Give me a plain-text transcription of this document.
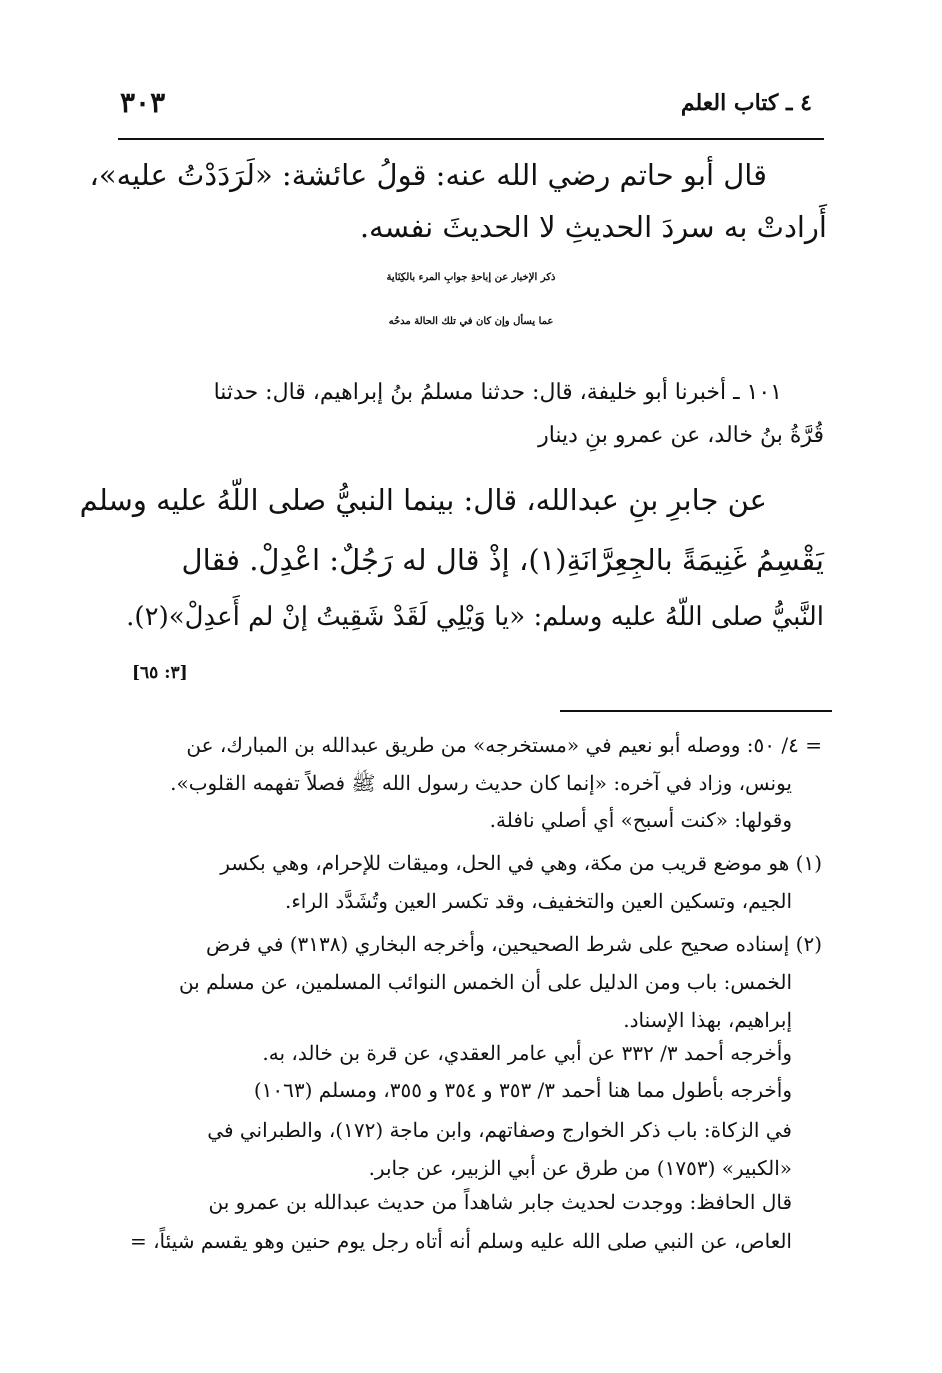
٤ ـ كتاب العلم
٣٠٣
قال أبو حاتم رضي الله عنه: قولُ عائشة: «لَرَدَدْتُ عليه»،
أَرادتْ به سردَ الحديثِ لا الحديثَ نفسه.
ذكر الإخبار عن إباحةِ جوابِ المرء بالكِنَاية
عما يسأل وإن كان في تلك الحالة مدحُه
١٠١ ـ أخبرنا أبو خليفة، قال: حدثنا مسلمُ بنُ إبراهيم، قال: حدثنا
قُرَّةُ بنُ خالد، عن عمرو بنِ دينار
عن جابرِ بنِ عبدالله، قال: بينما النبيُّ صلى اللّهُ عليه وسلم
يَقْسِمُ غَنِيمَةً بالجِعِرَّانَةِ(١)، إذْ قال له رَجُلٌ: اعْدِلْ. فقال
النَّبيُّ صلى اللّهُ عليه وسلم: «يا وَيْلِي لَقَدْ شَقِيتُ إنْ لم أَعدِلْ»(٢).
[٣: ٦٥]
= ٤/ ٥٠: ووصله أبو نعيم في «مستخرجه» من طريق عبدالله بن المبارك، عن
يونس، وزاد في آخره: «إنما كان حديث رسول الله ﷺ فصلاً تفهمه القلوب».
وقولها: «كنت أسبح» أي أصلي نافلة.
(١) هو موضع قريب من مكة، وهي في الحل، وميقات للإحرام، وهي بكسر
الجيم، وتسكين العين والتخفيف، وقد تكسر العين وتُشَدَّد الراء.
(٢) إسناده صحيح على شرط الصحيحين، وأخرجه البخاري (٣١٣٨) في فرض
الخمس: باب ومن الدليل على أن الخمس النوائب المسلمين، عن مسلم بن
إبراهيم، بهذا الإسناد.
وأخرجه أحمد ٣/ ٣٣٢ عن أبي عامر العقدي، عن قرة بن خالد، به.
وأخرجه بأطول مما هنا أحمد ٣/ ٣٥٣ و ٣٥٤ و ٣٥٥، ومسلم (١٠٦٣)
في الزكاة: باب ذكر الخوارج وصفاتهم، وابن ماجة (١٧٢)، والطبراني في
«الكبير» (١٧٥٣) من طرق عن أبي الزبير، عن جابر.
قال الحافظ: ووجدت لحديث جابر شاهداً من حديث عبدالله بن عمرو بن
العاص، عن النبي صلى الله عليه وسلم أنه أتاه رجل يوم حنين وهو يقسم شيئاً، =
